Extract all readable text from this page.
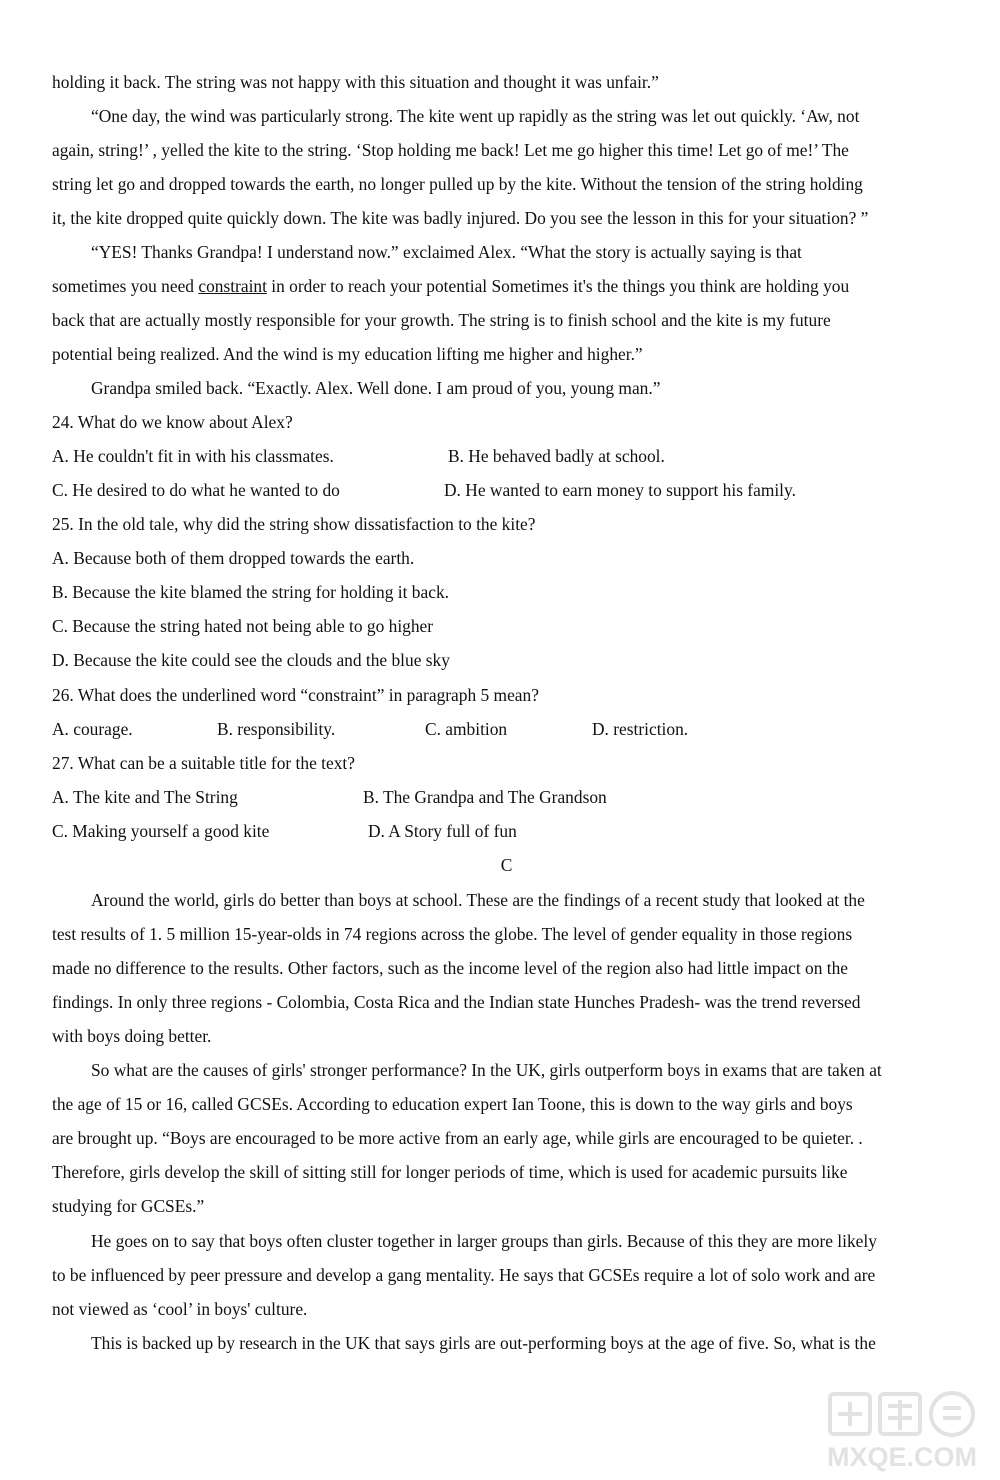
holding it back. The string was not happy with this situation and thought it was unfair.”
“One day, the wind was particularly strong. The kite went up rapidly as the string was let out quickly. ‘Aw, not
again, string!’ , yelled the kite to the string. ‘Stop holding me back! Let me go higher this time! Let go of me!’ The
string let go and dropped towards the earth, no longer pulled up by the kite. Without the tension of the string holding
it, the kite dropped quite quickly down. The kite was badly injured. Do you see the lesson in this for your situation? ”
“YES! Thanks Grandpa! I understand now.” exclaimed Alex. “What the story is actually saying is that
sometimes you need constraint in order to reach your potential Sometimes it's the things you think are holding you
back that are actually mostly responsible for your growth. The string is to finish school and the kite is my future
potential being realized. And the wind is my education lifting me higher and higher.”
Grandpa smiled back. “Exactly. Alex. Well done. I am proud of you, young man.”
24. What do we know about Alex?
A. He couldn't fit in with his classmates.	B. He behaved badly at school.
C. He desired to do what he wanted to do	D. He wanted to earn money to support his family.
25. In the old tale, why did the string show dissatisfaction to the kite?
A. Because both of them dropped towards the earth.
B. Because the kite blamed the string for holding it back.
C. Because the string hated not being able to go higher
D. Because the kite could see the clouds and the blue sky
26. What does the underlined word “constraint” in paragraph 5 mean?
A. courage.	B. responsibility.	C. ambition	D. restriction.
27. What can be a suitable title for the text?
A. The kite and The String	B. The Grandpa and The Grandson
C. Making yourself a good kite	D. A Story full of fun
C
Around the world, girls do better than boys at school. These are the findings of a recent study that looked at the
test results of 1. 5 million 15-year-olds in 74 regions across the globe. The level of gender equality in those regions
made no difference to the results. Other factors, such as the income level of the region also had little impact on the
findings. In only three regions - Colombia, Costa Rica and the Indian state Hunches Pradesh- was the trend reversed
with boys doing better.
So what are the causes of girls' stronger performance? In the UK, girls outperform boys in exams that are taken at
the age of 15 or 16, called GCSEs. According to education expert Ian Toone, this is down to the way girls and boys
are brought up. “Boys are encouraged to be more active from an early age, while girls are encouraged to be quieter. .
Therefore, girls develop the skill of sitting still for longer periods of time, which is used for academic pursuits like
studying for GCSEs.”
He goes on to say that boys often cluster together in larger groups than girls. Because of this they are more likely
to be influenced by peer pressure and develop a gang mentality. He says that GCSEs require a lot of solo work and are
not viewed as ‘cool’ in boys' culture.
This is backed up by research in the UK that says girls are out-performing boys at the age of five. So, what is the
MXQE.COM
